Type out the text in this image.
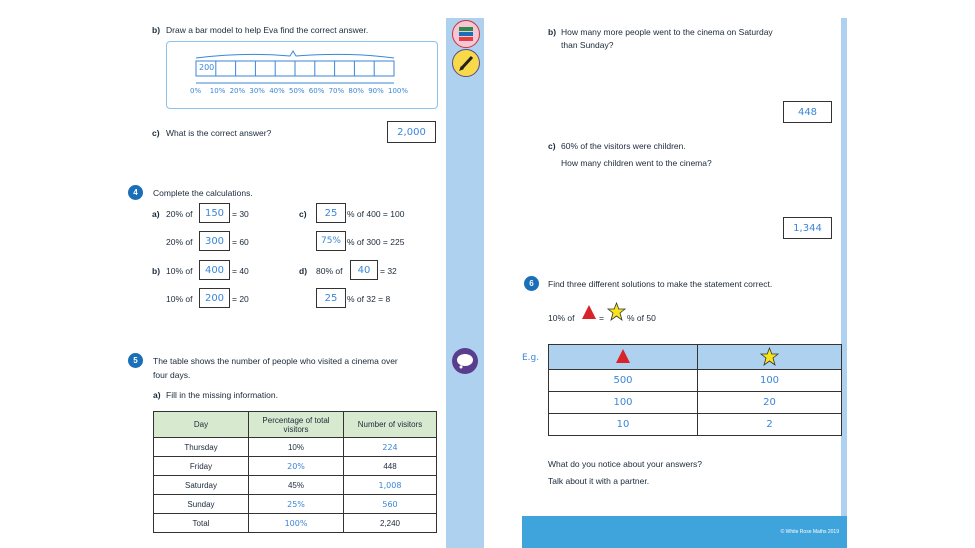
b) Draw a bar model to help Eva find the correct answer.
200
0% 10% 20% 30% 40% 50% 60% 70% 80% 90% 100%
c) What is the correct answer?	2,000
4	Complete the calculations.
a) 20% of	150 = 30
20% of	300 = 60
b) 10% of	400 = 40
10% of	200 = 20
c)	25	% of 400 = 100
75% % of 300 = 225
d) 80% of	40	= 32
25	% of 32 = 8
5	The table shows the number of people who visited a cinema over
four days.
a) Fill in the missing information.
Day	Percentage of total visitors	Number of visitors
Thursday	10%	224
Friday	20%	448
Saturday	45%	1,008
Sunday	25%	560
Total	100%	2,240
b) How many more people went to the cinema on Saturday
than Sunday?
448
c) 60% of the visitors were children.
How many children went to the cinema?
1,344
6	Find three different solutions to make the statement correct.
10% of	=	% of 50
E.g.

500	100
100	20
10	2
What do you notice about your answers?
Talk about it with a partner.
© White Rose Maths 2019
